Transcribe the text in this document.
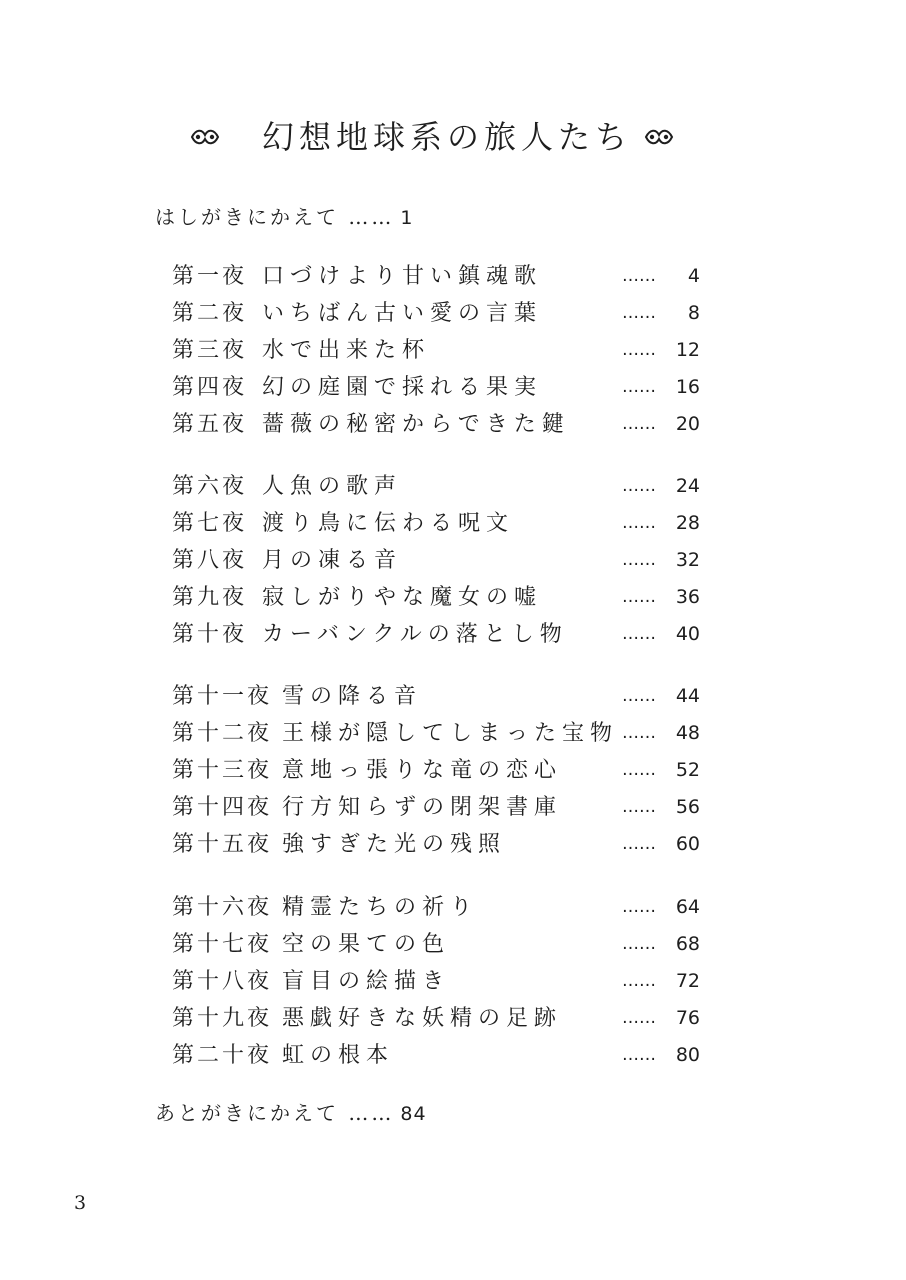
幻想地球系の旅人たち
はしがきにかえて …… 1
第一夜 口づけより甘い鎮魂歌	……	4
第二夜 いちばん古い愛の言葉	……	8
第三夜 水で出来た杯	……	12
第四夜 幻の庭園で採れる果実	……	16
第五夜 薔薇の秘密からできた鍵	……	20
第六夜 人魚の歌声	……	24
第七夜 渡り鳥に伝わる呪文	……	28
第八夜 月の凍る音	……	32
第九夜 寂しがりやな魔女の嘘	……	36
第十夜 カーバンクルの落とし物	……	40
第十一夜 雪の降る音	……	44
第十二夜 王様が隠してしまった宝物 ……	48
第十三夜 意地っ張りな竜の恋心	……	52
第十四夜 行方知らずの閉架書庫	……	56
第十五夜 強すぎた光の残照	……	60
第十六夜 精霊たちの祈り	……	64
第十七夜 空の果ての色	……	68
第十八夜 盲目の絵描き	……	72
第十九夜 悪戯好きな妖精の足跡	……	76
第二十夜 虹の根本	……	80
あとがきにかえて …… 84
3
